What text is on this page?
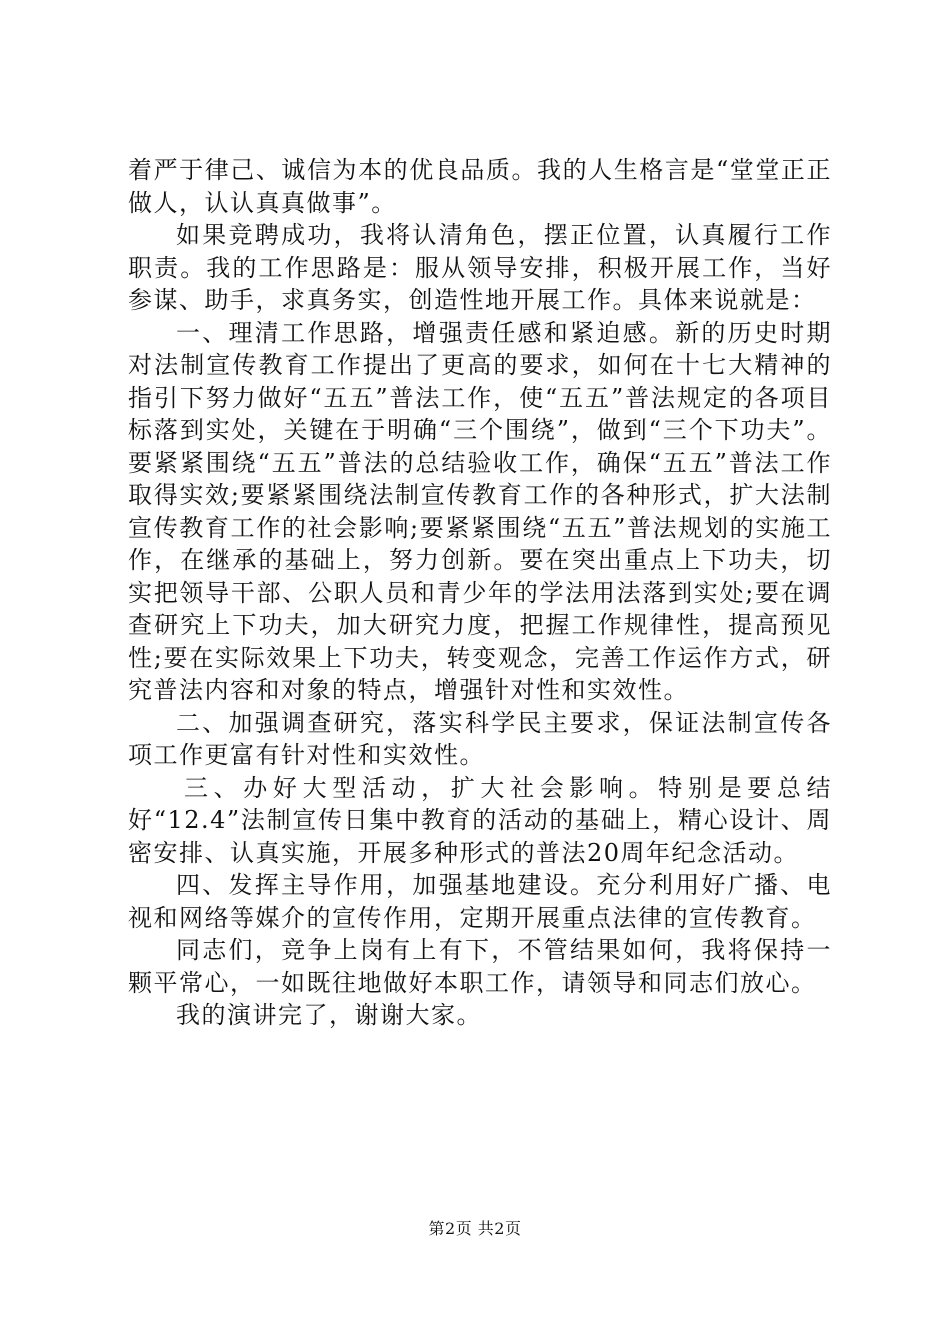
着严于律己、诚信为本的优良品质。我的人生格言是“堂堂正正做人，认认真真做事”。

如果竞聘成功，我将认清角色，摆正位置，认真履行工作职责。我的工作思路是：服从领导安排，积极开展工作，当好参谋、助手，求真务实，创造性地开展工作。具体来说就是：

一、理清工作思路，增强责任感和紧迫感。新的历史时期对法制宣传教育工作提出了更高的要求，如何在十七大精神的指引下努力做好“五五”普法工作，使“五五”普法规定的各项目标落到实处，关键在于明确“三个围绕”，做到“三个下功夫”。要紧紧围绕“五五”普法的总结验收工作，确保“五五”普法工作取得实效;要紧紧围绕法制宣传教育工作的各种形式，扩大法制宣传教育工作的社会影响;要紧紧围绕“五五”普法规划的实施工作，在继承的基础上，努力创新。要在突出重点上下功夫，切实把领导干部、公职人员和青少年的学法用法落到实处;要在调查研究上下功夫，加大研究力度，把握工作规律性，提高预见性;要在实际效果上下功夫，转变观念，完善工作运作方式，研究普法内容和对象的特点，增强针对性和实效性。

二、加强调查研究，落实科学民主要求，保证法制宣传各项工作更富有针对性和实效性。

三、办好大型活动，扩大社会影响。特别是要总结好“12.4”法制宣传日集中教育的活动的基础上，精心设计、周密安排、认真实施，开展多种形式的普法20周年纪念活动。

四、发挥主导作用，加强基地建设。充分利用好广播、电视和网络等媒介的宣传作用，定期开展重点法律的宣传教育。

同志们，竞争上岗有上有下，不管结果如何，我将保持一颗平常心，一如既往地做好本职工作，请领导和同志们放心。

我的演讲完了，谢谢大家。

第2页 共2页
